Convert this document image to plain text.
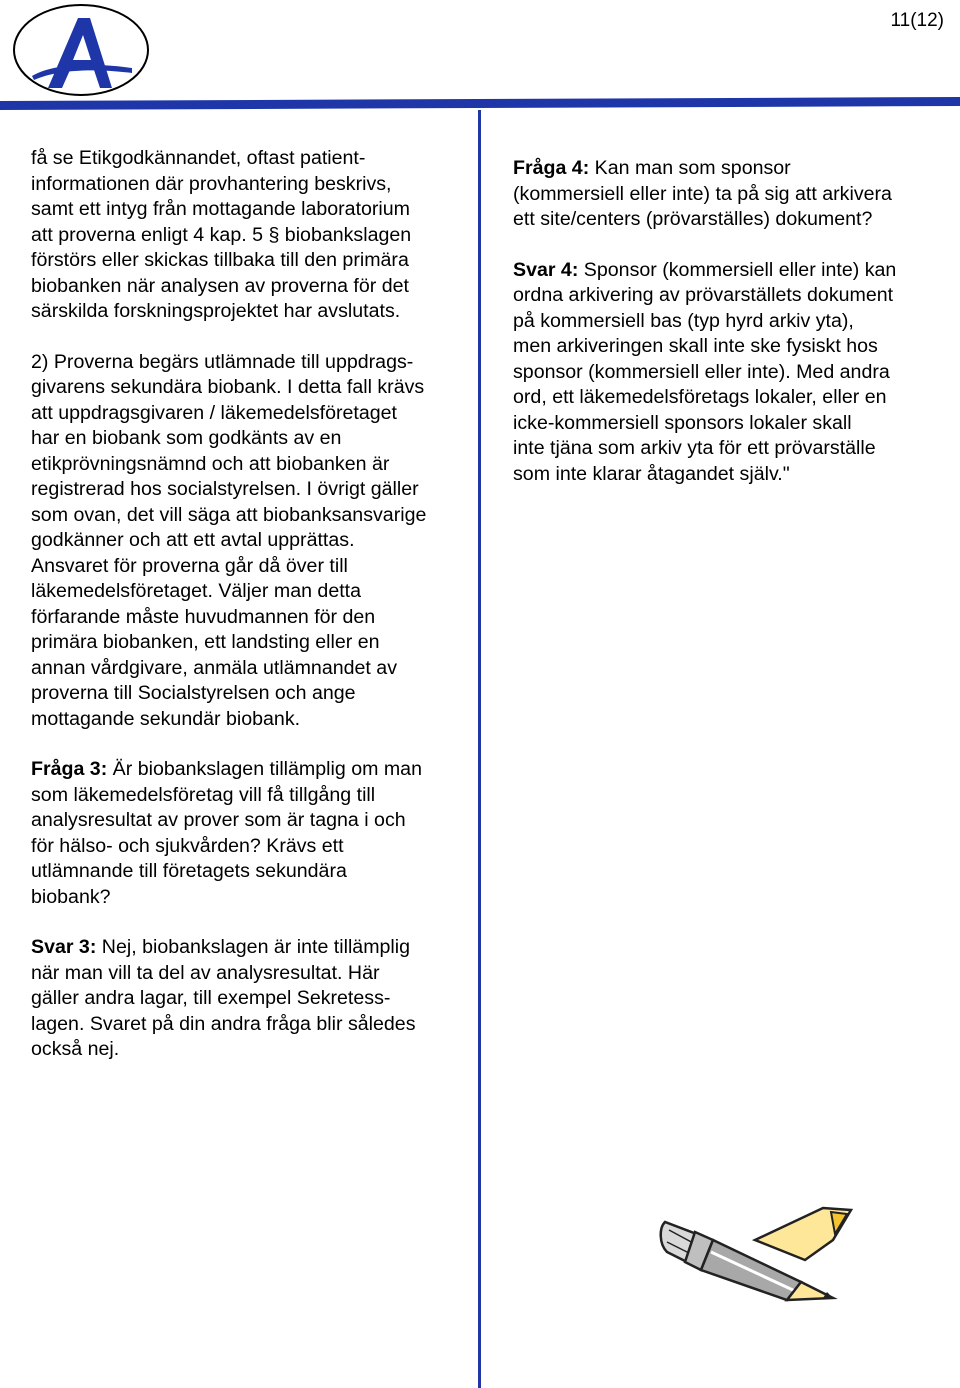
11(12)

få se Etikgodkännandet, oftast patient-
informationen där provhantering beskrivs,
samt ett intyg från mottagande laboratorium
att proverna enligt 4 kap. 5 § biobankslagen
förstörs eller skickas tillbaka till den primära
biobanken när analysen av proverna för det
särskilda forskningsprojektet har avslutats.

2) Proverna begärs utlämnade till uppdrags-
givarens sekundära biobank. I detta fall krävs
att uppdragsgivaren / läkemedelsföretaget
har en biobank som godkänts av en
etikprövningsnämnd och att biobanken är
registrerad hos socialstyrelsen. I övrigt gäller
som ovan, det vill säga att biobanksansvarige
godkänner och att ett avtal upprättas.
Ansvaret för proverna går då över till
läkemedelsföretaget. Väljer man detta
förfarande måste huvudmannen för den
primära biobanken, ett landsting eller en
annan vårdgivare, anmäla utlämnandet av
proverna till Socialstyrelsen och ange
mottagande sekundär biobank.

Fråga 3: Är biobankslagen tillämplig om man
som läkemedelsföretag vill få tillgång till
analysresultat av prover som är tagna i och
för hälso- och sjukvården? Krävs ett
utlämnande till företagets sekundära
biobank?

Svar 3: Nej, biobankslagen är inte tillämplig
när man vill ta del av analysresultat. Här
gäller andra lagar, till exempel Sekretess-
lagen. Svaret på din andra fråga blir således
också nej.

Fråga 4: Kan man som sponsor
(kommersiell eller inte) ta på sig att arkivera
ett site/centers (prövarställes) dokument?

Svar 4: Sponsor (kommersiell eller inte) kan
ordna arkivering av prövarställets dokument
på kommersiell bas (typ hyrd arkiv yta),
men arkiveringen skall inte ske fysiskt hos
sponsor (kommersiell eller inte). Med andra
ord, ett läkemedelsföretags lokaler, eller en
icke-kommersiell sponsors lokaler skall
inte tjäna som arkiv yta för ett prövarställe
som inte klarar åtagandet själv."
